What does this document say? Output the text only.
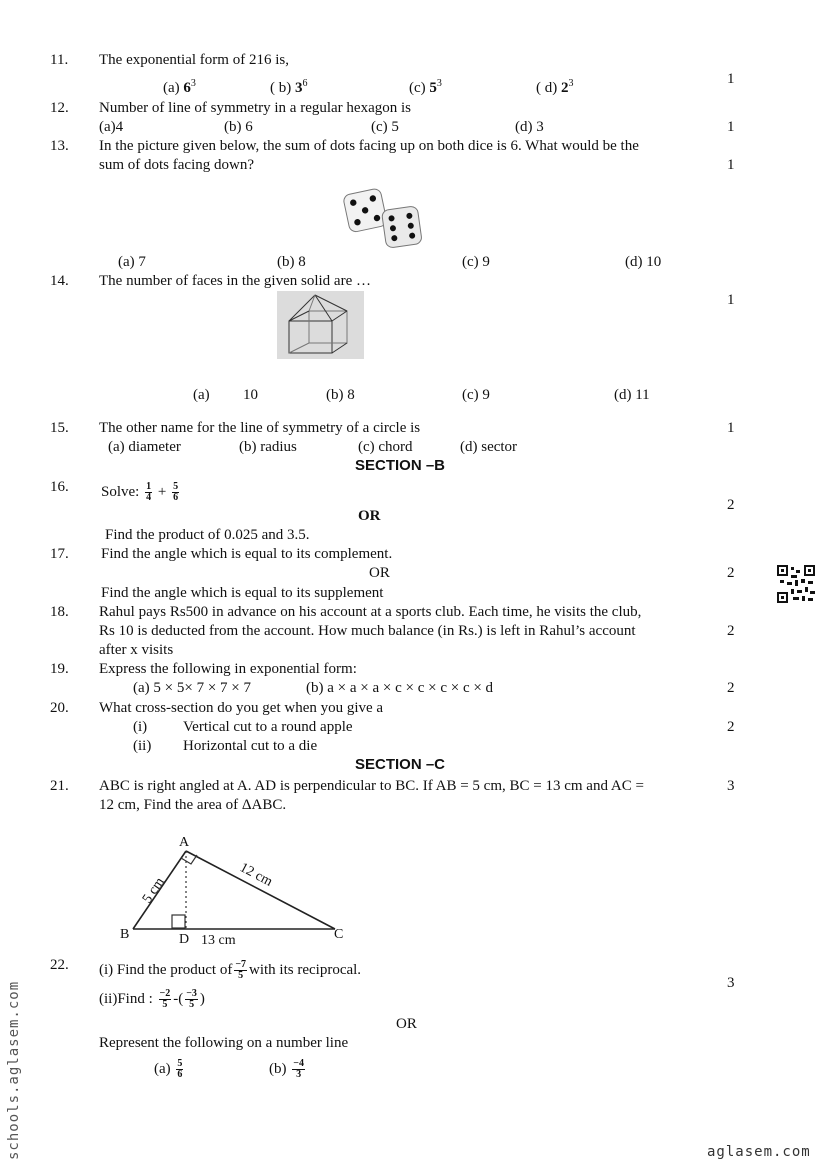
11. The exponential form of 216 is,
(a) $6^3$	( b) $3^6$	(c) $5^3$	( d) $2^3$	1
12. Number of line of symmetry in a regular hexagon is
(a)4	(b) 6	(c) 5	(d) 3	1
13. In the picture given below, the sum of dots facing up on both dice is 6. What would be the
sum of dots facing down?	1
(a) 7	(b) 8	(c) 9	(d) 10
14. The number of faces in the given solid are …
1
(a) 10	(b) 8	(c) 9	(d) 11
15. The other name for the line of symmetry of a circle is	1
(a) diameter	(b) radius	(c) chord	(d) sector
SECTION –B
16. Solve: $\frac{1}{4} + \frac{5}{6}$
2
OR
Find the product of 0.025 and 3.5.
17. Find the angle which is equal to its complement.
OR	2
Find the angle which is equal to its supplement
18. Rahul pays Rs500 in advance on his account at a sports club. Each time, he visits the club,
Rs 10 is deducted from the account. How much balance (in Rs.) is left in Rahul’s account	2
after x visits
19. Express the following in exponential form:
(a) 5 × 5× 7 × 7 × 7	(b) a × a × a × c × c × c × c × d	2
20. What cross-section do you get when you give a
(i) Vertical cut to a round apple	2
(ii) Horizontal cut to a die
SECTION –C
21. ABC is right angled at A. AD is perpendicular to BC. If AB = 5 cm, BC = 13 cm and AC =	3
12 cm, Find the area of ΔABC.
A
B	C
D 13 cm
5 cm	12 cm
22. (i) Find the product of $\frac{-7}{5}$ with its reciprocal.
3
(ii)Find : $\frac{-2}{5}$ -( $\frac{-3}{5}$ )
OR
Represent the following on a number line
$(a) \frac{5}{6}$	$(b) \frac{-4}{3}$
schools.aglasem.com	aglasem.com
